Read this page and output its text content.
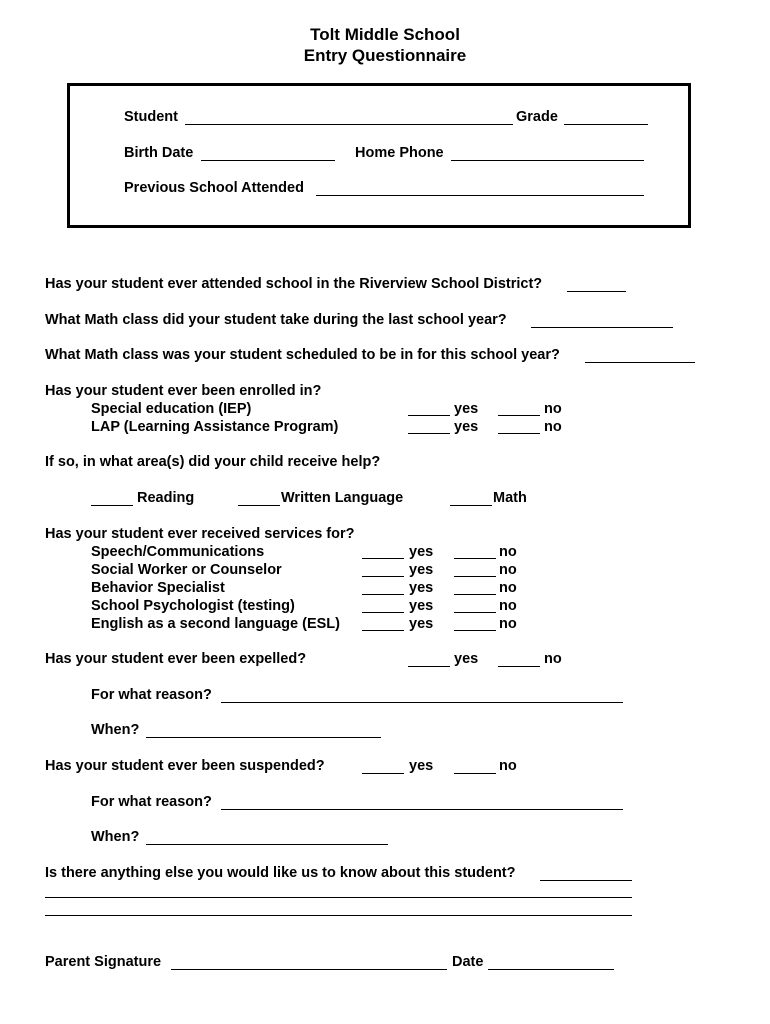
Tolt Middle School
Entry Questionnaire
Student	Grade
Birth Date	Home Phone
Previous School Attended
Has your student ever attended school in the Riverview School District?
What Math class did your student take during the last school year?
What Math class was your student scheduled to be in for this school year?
Has your student ever been enrolled in?
Special education (IEP)	yes	no
LAP (Learning Assistance Program)	yes	no
If so, in what area(s) did your child receive help?
Reading	Written Language	Math
Has your student ever received services for?
Speech/Communications	yes	no
Social Worker or Counselor	yes	no
Behavior Specialist	yes	no
School Psychologist (testing)	yes	no
English as a second language (ESL)	yes	no
Has your student ever been expelled?	yes	no
For what reason?
When?
Has your student ever been suspended?	yes	no
For what reason?
When?
Is there anything else you would like us to know about this student?
Parent Signature	Date
